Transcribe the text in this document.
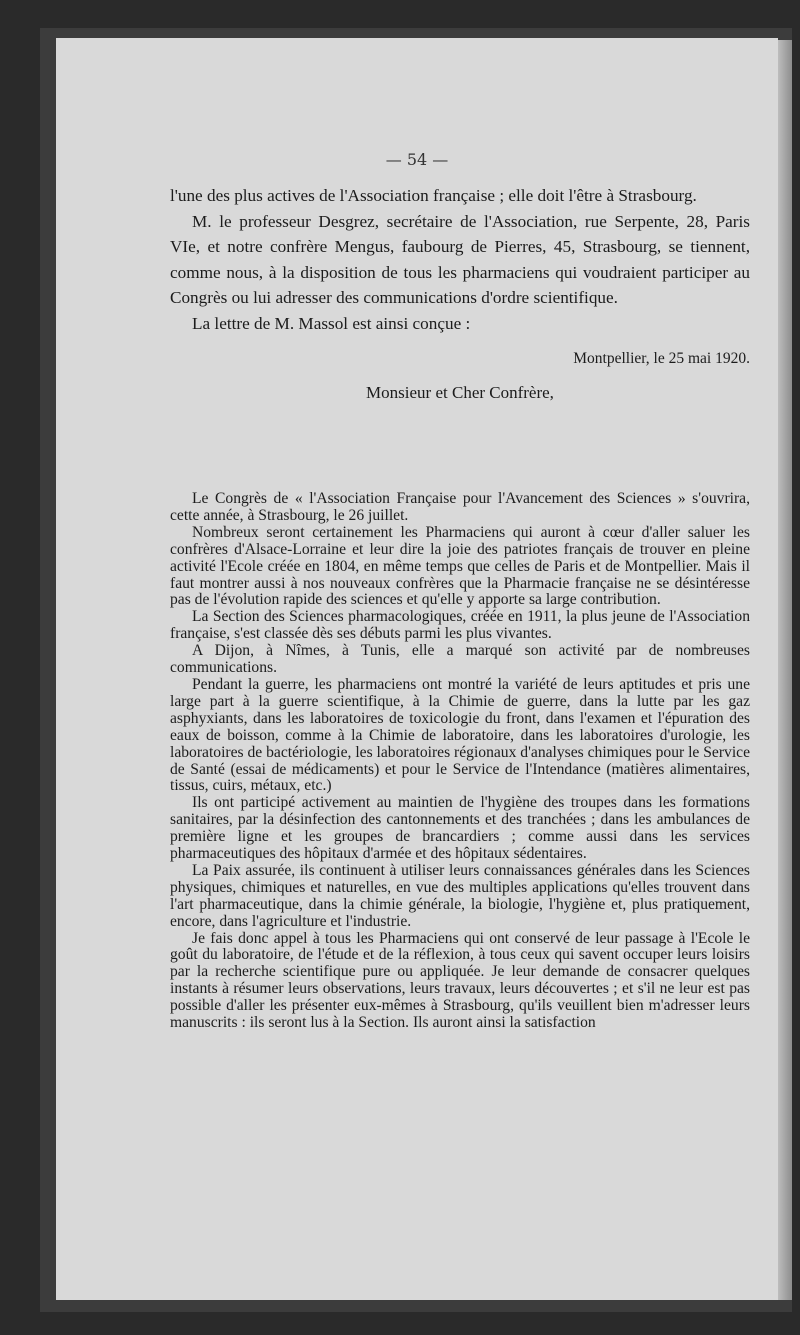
— 54 —

l'une des plus actives de l'Association française ; elle doit l'être à Strasbourg.

M. le professeur Desgrez, secrétaire de l'Association, rue Serpente, 28, Paris VIe, et notre confrère Mengus, faubourg de Pierres, 45, Strasbourg, se tiennent, comme nous, à la disposition de tous les pharmaciens qui voudraient participer au Congrès ou lui adresser des communications d'ordre scientifique.

La lettre de M. Massol est ainsi conçue :

Montpellier, le 25 mai 1920.

Monsieur et Cher Confrère,

Le Congrès de « l'Association Française pour l'Avancement des Sciences » s'ouvrira, cette année, à Strasbourg, le 26 juillet.

Nombreux seront certainement les Pharmaciens qui auront à cœur d'aller saluer les confrères d'Alsace-Lorraine et leur dire la joie des patriotes français de trouver en pleine activité l'Ecole créée en 1804, en même temps que celles de Paris et de Montpellier. Mais il faut montrer aussi à nos nouveaux confrères que la Pharmacie française ne se désintéresse pas de l'évolution rapide des sciences et qu'elle y apporte sa large contribution.

La Section des Sciences pharmacologiques, créée en 1911, la plus jeune de l'Association française, s'est classée dès ses débuts parmi les plus vivantes.

A Dijon, à Nîmes, à Tunis, elle a marqué son activité par de nombreuses communications.

Pendant la guerre, les pharmaciens ont montré la variété de leurs aptitudes et pris une large part à la guerre scientifique, à la Chimie de guerre, dans la lutte par les gaz asphyxiants, dans les laboratoires de toxicologie du front, dans l'examen et l'épuration des eaux de boisson, comme à la Chimie de laboratoire, dans les laboratoires d'urologie, les laboratoires de bactériologie, les laboratoires régionaux d'analyses chimiques pour le Service de Santé (essai de médicaments) et pour le Service de l'Intendance (matières alimentaires, tissus, cuirs, métaux, etc.)

Ils ont participé activement au maintien de l'hygiène des troupes dans les formations sanitaires, par la désinfection des cantonnements et des tranchées ; dans les ambulances de première ligne et les groupes de brancardiers ; comme aussi dans les services pharmaceutiques des hôpitaux d'armée et des hôpitaux sédentaires.

La Paix assurée, ils continuent à utiliser leurs connaissances générales dans les Sciences physiques, chimiques et naturelles, en vue des multiples applications qu'elles trouvent dans l'art pharmaceutique, dans la chimie générale, la biologie, l'hygiène et, plus pratiquement, encore, dans l'agriculture et l'industrie.

Je fais donc appel à tous les Pharmaciens qui ont conservé de leur passage à l'Ecole le goût du laboratoire, de l'étude et de la réflexion, à tous ceux qui savent occuper leurs loisirs par la recherche scientifique pure ou appliquée. Je leur demande de consacrer quelques instants à résumer leurs observations, leurs travaux, leurs découvertes ; et s'il ne leur est pas possible d'aller les présenter eux-mêmes à Strasbourg, qu'ils veuillent bien m'adresser leurs manuscrits : ils seront lus à la Section. Ils auront ainsi la satisfaction
